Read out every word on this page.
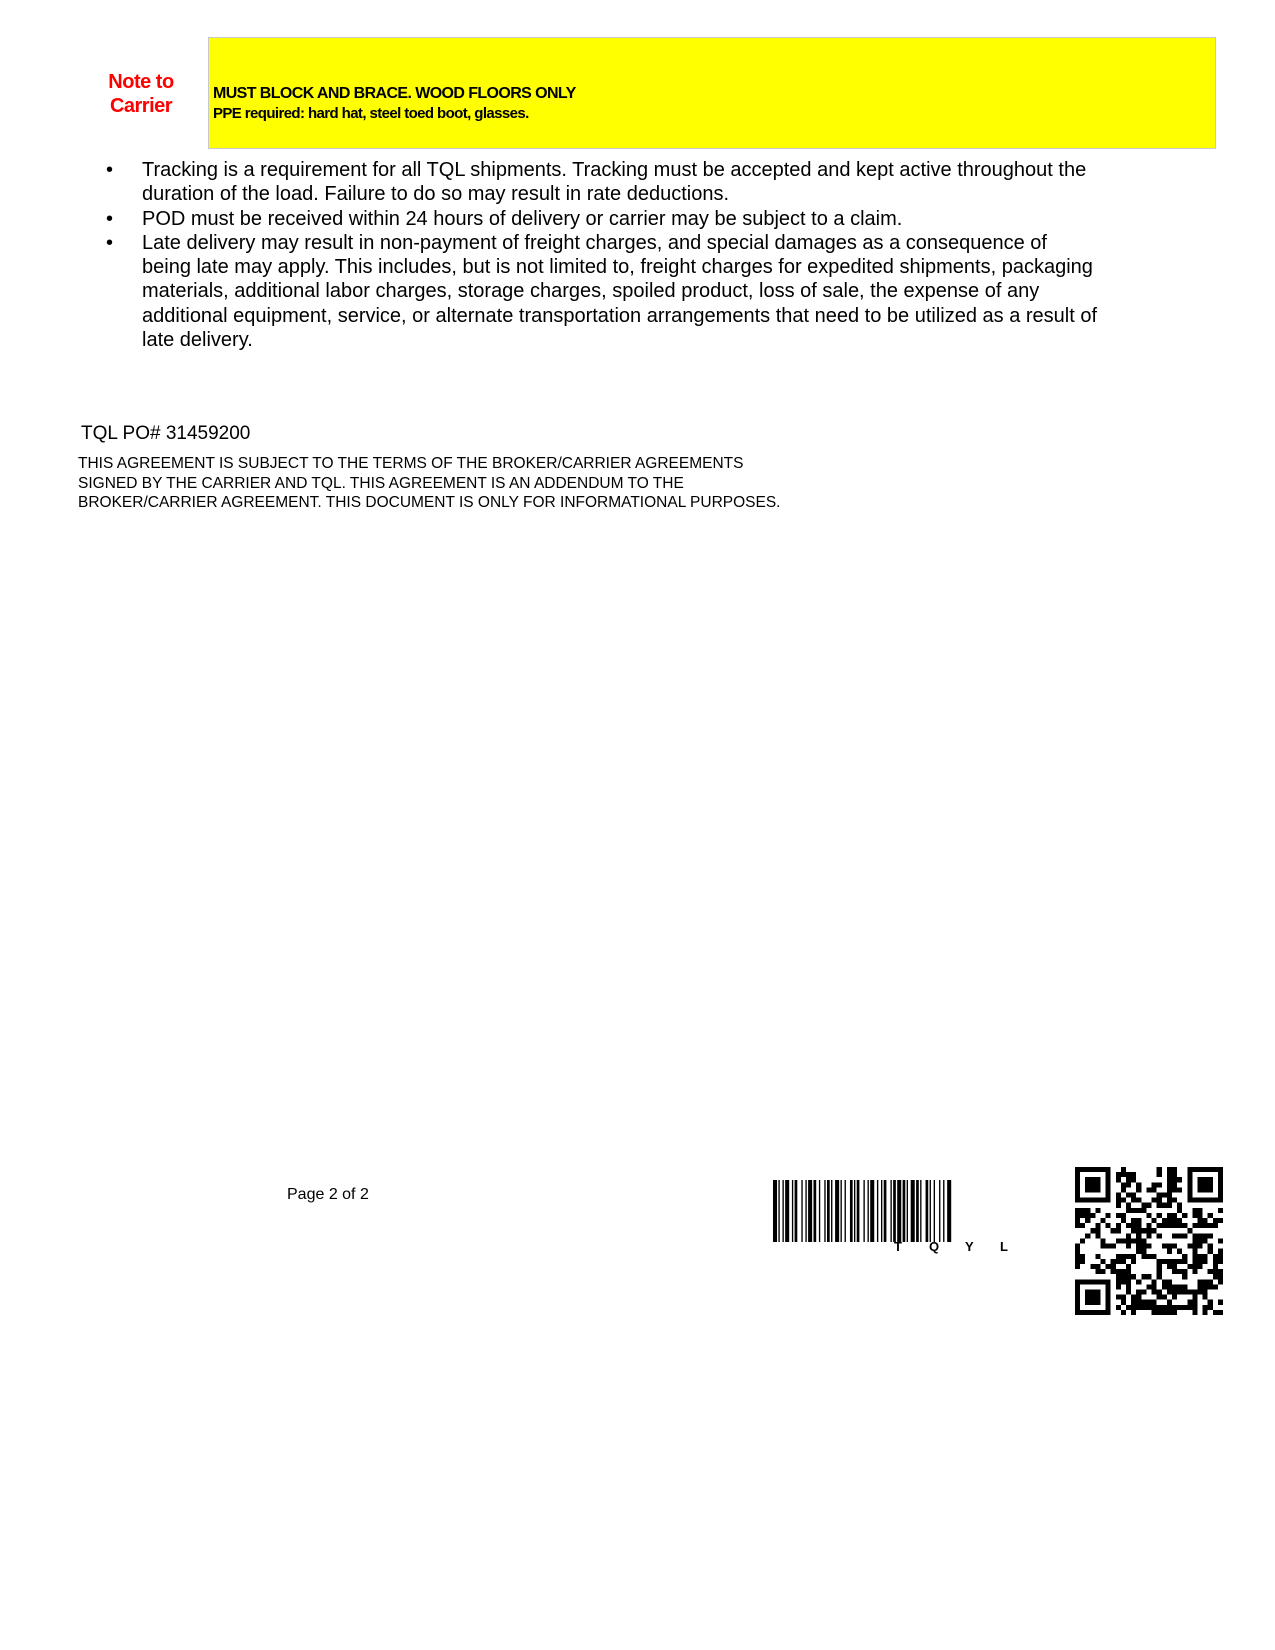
Note to Carrier
MUST BLOCK AND BRACE. WOOD FLOORS ONLY
PPE required: hard hat, steel toed boot, glasses.
• Tracking is a requirement for all TQL shipments. Tracking must be accepted and kept active throughout the duration of the load. Failure to do so may result in rate deductions.
• POD must be received within 24 hours of delivery or carrier may be subject to a claim.
• Late delivery may result in non-payment of freight charges, and special damages as a consequence of being late may apply. This includes, but is not limited to, freight charges for expedited shipments, packaging materials, additional labor charges, storage charges, spoiled product, loss of sale, the expense of any additional equipment, service, or alternate transportation arrangements that need to be utilized as a result of late delivery.
TQL PO# 31459200
THIS AGREEMENT IS SUBJECT TO THE TERMS OF THE BROKER/CARRIER AGREEMENTS SIGNED BY THE CARRIER AND TQL. THIS AGREEMENT IS AN ADDENDUM TO THE BROKER/CARRIER AGREEMENT. THIS DOCUMENT IS ONLY FOR INFORMATIONAL PURPOSES.
Page 2 of 2
T Q Y L
